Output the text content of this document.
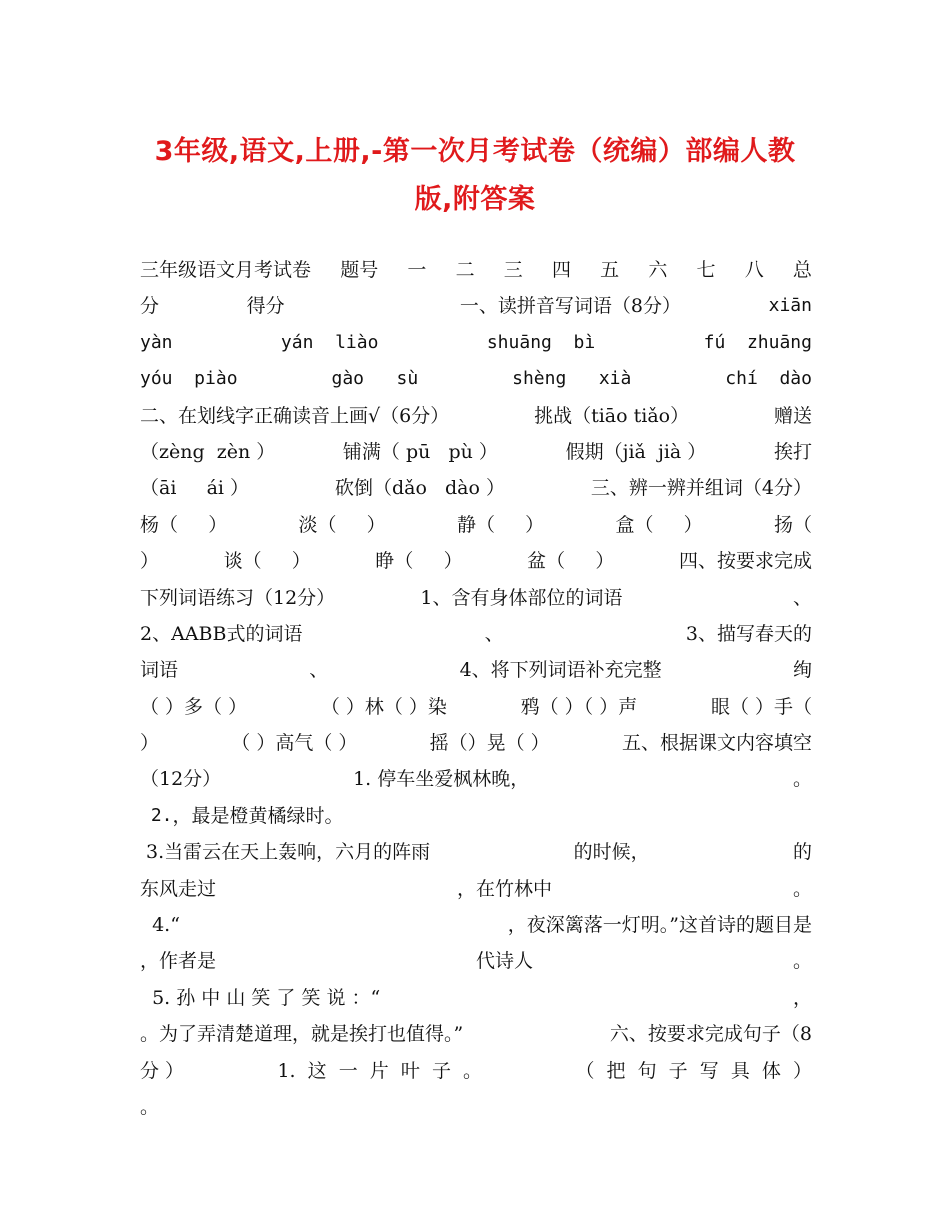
3年级,语文,上册,-第一次月考试卷（统编）部编人教
版,附答案
三年级语文月考试卷 题号 一 二 三 四 五 六 七 八 总
分	得分	一、读拼音写词语（8分）	xiān
yàn	yán  liào	shuāng  bì	fú  zhuāng
yóu  piào	gào   sù	shèng   xià	chí  dào
二、在划线字正确读音上画√（6分）	挑战（tiāo tiǎo）	赠送
（zèng  zèn ）	铺满（ pū   pù ）	假期（jiǎ  jià ）	挨打
（āi     ái ）	砍倒（dǎo   dào ）	三、辨一辨并组词（4分）
杨（     ）	淡（     ）	静（     ）	盒（     ）	扬（
）	谈（     ）	睁（     ）	盆（     ）	四、按要求完成
下列词语练习（12分）	1、含有身体部位的词语	、
2、AABB式的词语	、	3、描写春天的
词语	、	4、将下列词语补充完整	绚
（ ）多（ ）	（ ）林（ ）染	鸦（ ）（ ）声	眼（ ）手（
）	（ ）高气（ ）	摇（）晃（ ）	五、根据课文内容填空
（12分）	1. 停车坐爱枫林晚，	。
2. ，最是橙黄橘绿时。
3.当雷云在天上轰响，六月的阵雨	的时候，	的
东风走过	，在竹林中	。
4.“	，夜深篱落一灯明。”这首诗的题目是
，作者是	代诗人	。
5. 孙 中 山 笑 了 笑 说 ：“	，
。为了弄清楚道理，就是挨打也值得。”	六、按要求完成句子（8
分 ）	1.  这  一  片  叶  子  。	（  把  句  子  写  具  体  ）
。
